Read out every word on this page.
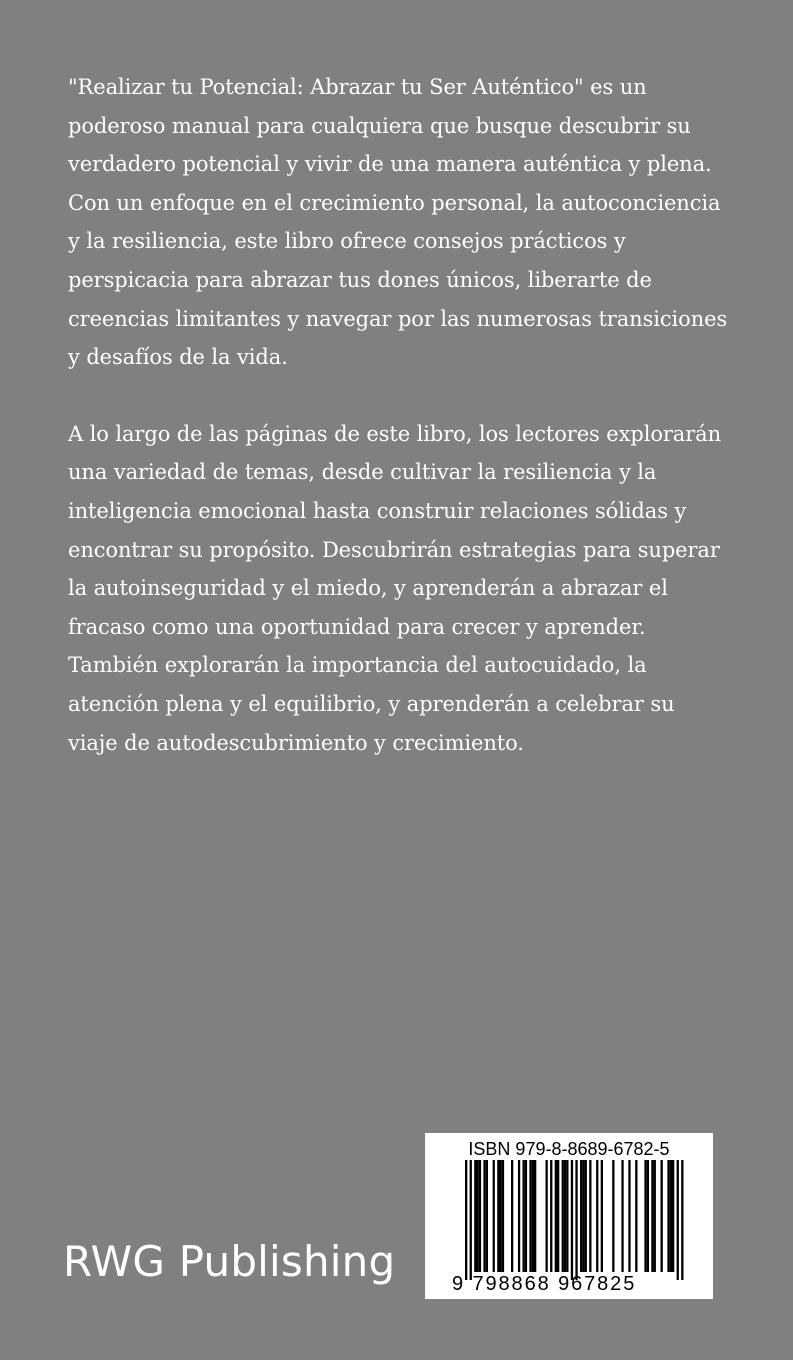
"Realizar tu Potencial: Abrazar tu Ser Auténtico" es un poderoso manual para cualquiera que busque descubrir su verdadero potencial y vivir de una manera auténtica y plena. Con un enfoque en el crecimiento personal, la autoconciencia y la resiliencia, este libro ofrece consejos prácticos y perspicacia para abrazar tus dones únicos, liberarte de creencias limitantes y navegar por las numerosas transiciones y desafíos de la vida.

A lo largo de las páginas de este libro, los lectores explorarán una variedad de temas, desde cultivar la resiliencia y la inteligencia emocional hasta construir relaciones sólidas y encontrar su propósito. Descubrirán estrategias para superar la autoinseguridad y el miedo, y aprenderán a abrazar el fracaso como una oportunidad para crecer y aprender. También explorarán la importancia del autocuidado, la atención plena y el equilibrio, y aprenderán a celebrar su viaje de autodescubrimiento y crecimiento.

RWG Publishing
ISBN 979-8-8689-6782-5
9 798868 967825
